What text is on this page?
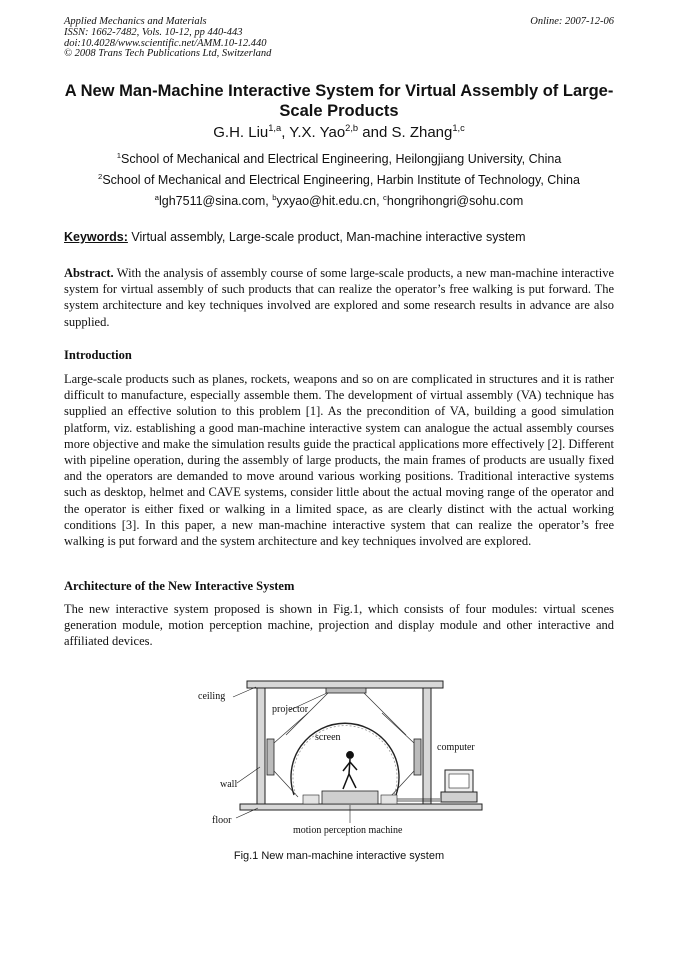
Applied Mechanics and Materials
ISSN: 1662-7482, Vols. 10-12, pp 440-443
doi:10.4028/www.scientific.net/AMM.10-12.440
© 2008 Trans Tech Publications Ltd, Switzerland
Online: 2007-12-06
A New Man-Machine Interactive System for Virtual Assembly of Large-Scale Products
G.H. Liu$^{1,a}$, Y.X. Yao$^{2,b}$ and S. Zhang$^{1,c}$
$^1$School of Mechanical and Electrical Engineering, Heilongjiang University, China
$^2$School of Mechanical and Electrical Engineering, Harbin Institute of Technology, China
$^a$lgh7511@sina.com, $^b$yxyao@hit.edu.cn, $^c$hongrihongri@sohu.com
Keywords: Virtual assembly, Large-scale product, Man-machine interactive system

Abstract. With the analysis of assembly course of some large-scale products, a new man-machine interactive system for virtual assembly of such products that can realize the operator’s free walking is put forward. The system architecture and key techniques involved are explored and some research results in advance are also supplied.

Introduction

Large-scale products such as planes, rockets, weapons and so on are complicated in structures and it is rather difficult to manufacture, especially assemble them. The development of virtual assembly (VA) technique has supplied an effective solution to this problem [1]. As the precondition of VA, building a good simulation platform, viz. establishing a good man-machine interactive system can analogue the actual assembly courses more objective and make the simulation results guide the practical applications more effectively [2]. Different with pipeline operation, during the assembly of large products, the main frames of products are usually fixed and the operators are demanded to move around various working positions. Traditional interactive systems such as desktop, helmet and CAVE systems, consider little about the actual moving range of the operator and the operator is either fixed or walking in a limited space, as are clearly distinct with the actual working conditions [3]. In this paper, a new man-machine interactive system that can realize the operator’s free walking is put forward and the system architecture and key techniques involved are explored.

Architecture of the New Interactive System

The new interactive system proposed is shown in Fig.1, which consists of four modules: virtual scenes generation module, motion perception machine, projection and display module and other interactive and affiliated devices.

ceiling
projector
screen
computer
wall
floor
motion perception machine
Fig.1 New man-machine interactive system
